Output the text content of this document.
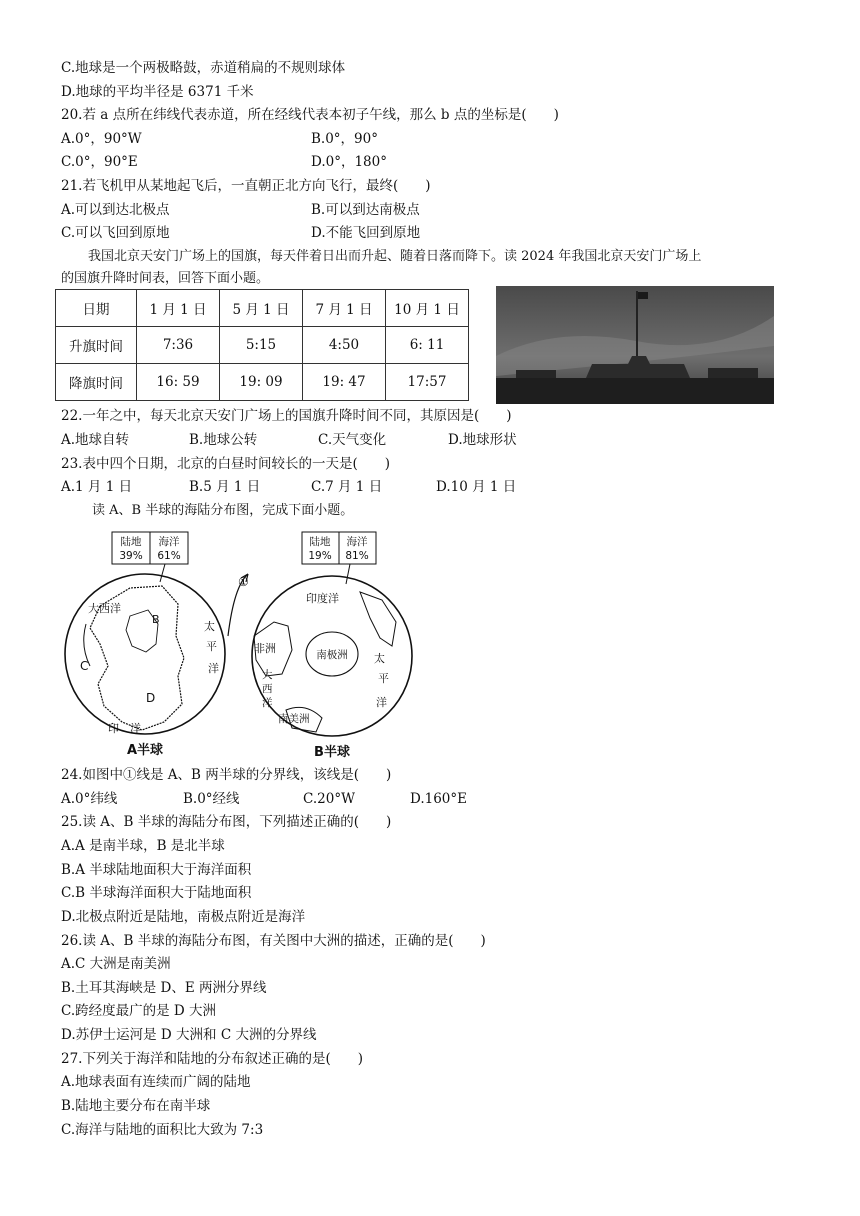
C.地球是一个两极略鼓，赤道稍扁的不规则球体
D.地球的平均半径是 6371 千米
20.若 a 点所在纬线代表赤道，所在经线代表本初子午线，那么 b 点的坐标是(　　)
A.0°，90°W	B.0°，90°
C.0°，90°E	D.0°，180°
21.若飞机甲从某地起飞后，一直朝正北方向飞行，最终(　　)
A.可以到达北极点	B.可以到达南极点
C.可以飞回到原地	D.不能飞回到原地
我国北京天安门广场上的国旗，每天伴着日出而升起、随着日落而降下。读 2024 年我国北京天安门广场上
的国旗升降时间表，回答下面小题。
日期	1 月 1 日	5 月 1 日	7 月 1 日	10 月 1 日
升旗时间	7:36	5:15	4:50	6: 11
降旗时间	16: 59	19: 09	19: 47	17:57
22.一年之中，每天北京天安门广场上的国旗升降时间不同，其原因是(　　)
A.地球自转	B.地球公转	C.天气变化	D.地球形状
23.表中四个日期，北京的白昼时间较长的一天是(　　)
A.1 月 1 日	B.5 月 1 日	C.7 月 1 日	D.10 月 1 日
读 A、B 半球的海陆分布图，完成下面小题。
陆地
39%
海洋
61%
陆地
19%
海洋
81%
大西洋
B
C
D
太
平
洋
印　洋
A半球
①
印度洋
非洲
大
西
洋
南极洲
南美洲
太
平
洋
B半球
24.如图中①线是 A、B 两半球的分界线，该线是(　　)
A.0°纬线	B.0°经线	C.20°W	D.160°E
25.读 A、B 半球的海陆分布图，下列描述正确的(　　)
A.A 是南半球，B 是北半球
B.A 半球陆地面积大于海洋面积
C.B 半球海洋面积大于陆地面积
D.北极点附近是陆地，南极点附近是海洋
26.读 A、B 半球的海陆分布图，有关图中大洲的描述，正确的是(　　)
A.C 大洲是南美洲
B.土耳其海峡是 D、E 两洲分界线
C.跨经度最广的是 D 大洲
D.苏伊士运河是 D 大洲和 C 大洲的分界线
27.下列关于海洋和陆地的分布叙述正确的是(　　)
A.地球表面有连续而广阔的陆地
B.陆地主要分布在南半球
C.海洋与陆地的面积比大致为 7:3
